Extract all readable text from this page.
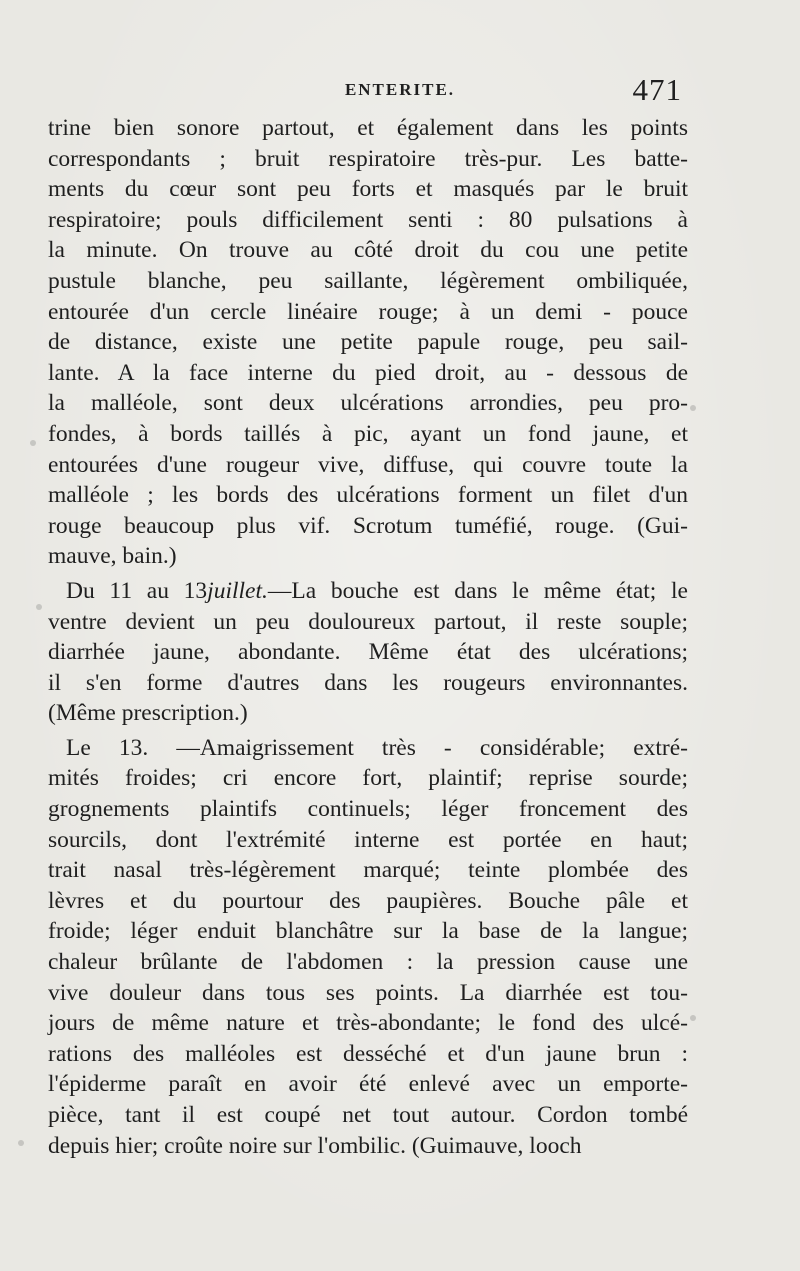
ENTERITE.	471
trine bien sonore partout, et également dans les points
correspondants ; bruit respiratoire très-pur. Les batte-
ments du cœur sont peu forts et masqués par le bruit
respiratoire; pouls difficilement senti : 80 pulsations à
la minute. On trouve au côté droit du cou une petite
pustule blanche, peu saillante, légèrement ombiliquée,
entourée d'un cercle linéaire rouge; à un demi - pouce
de distance, existe une petite papule rouge, peu sail-
lante. A la face interne du pied droit, au - dessous de
la malléole, sont deux ulcérations arrondies, peu pro-
fondes, à bords taillés à pic, ayant un fond jaune, et
entourées d'une rougeur vive, diffuse, qui couvre toute la
malléole ; les bords des ulcérations forment un filet d'un
rouge beaucoup plus vif. Scrotum tuméfié, rouge. (Gui-
mauve, bain.)
Du 11 au 13juillet.—La bouche est dans le même état; le
ventre devient un peu douloureux partout, il reste souple;
diarrhée jaune, abondante. Même état des ulcérations;
il s'en forme d'autres dans les rougeurs environnantes.
(Même prescription.)
Le 13. —Amaigrissement très - considérable; extré-
mités froides; cri encore fort, plaintif; reprise sourde;
grognements plaintifs continuels; léger froncement des
sourcils, dont l'extrémité interne est portée en haut;
trait nasal très-légèrement marqué; teinte plombée des
lèvres et du pourtour des paupières. Bouche pâle et
froide; léger enduit blanchâtre sur la base de la langue;
chaleur brûlante de l'abdomen : la pression cause une
vive douleur dans tous ses points. La diarrhée est tou-
jours de même nature et très-abondante; le fond des ulcé-
rations des malléoles est desséché et d'un jaune brun :
l'épiderme paraît en avoir été enlevé avec un emporte-
pièce, tant il est coupé net tout autour. Cordon tombé
depuis hier; croûte noire sur l'ombilic. (Guimauve, looch
